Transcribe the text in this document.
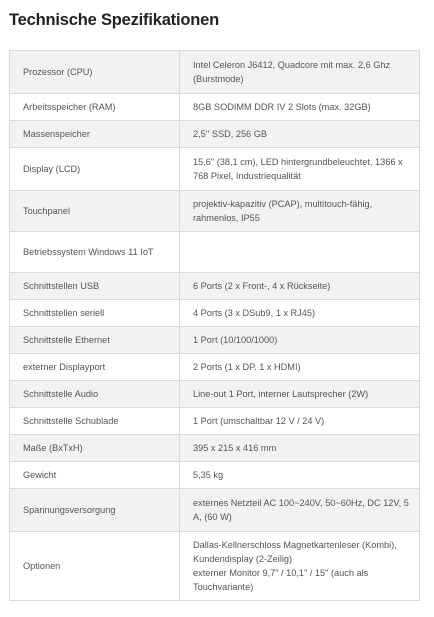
Technische Spezifikationen
Prozessor (CPU)	Intel Celeron J6412, Quadcore mit max. 2,6 Ghz (Burstmode)
Arbeitsspeicher (RAM)	8GB SODIMM DDR IV 2 Slots (max. 32GB)
Massenspeicher	2,5'' SSD, 256 GB
Display (LCD)	15.6" (38,1 cm), LED hintergrundbeleuchtet, 1366 x 768 Pixel, Industriequalität
Touchpanel	projektiv-kapazitiv (PCAP), multitouch-fähig, rahmenlos, IP55
Betriebssystem Windows 11 IoT	
Schnittstellen USB	6 Ports (2 x Front-, 4 x Rückseite)
Schnittstellen seriell	4 Ports (3 x DSub9, 1 x RJ45)
Schnittstelle Ethernet	1 Port (10/100/1000)
externer Displayport	2 Ports (1 x DP. 1 x HDMI)
Schnittstelle Audio	Line-out 1 Port, interner Lautsprecher (2W)
Schnittstelle Schublade	1 Port (umschaltbar 12 V / 24 V)
Maße (BxTxH)	395 x 215 x 416 mm
Gewicht	5,35 kg
Spannungsversorgung	externes Netzteil AC 100~240V, 50~60Hz, DC 12V, 5 A, (60 W)
Optionen	Dallas-Kellnerschloss Magnetkartenleser (Kombi), Kundendisplay (2-Zeilig)
externer Monitor 9,7" / 10,1" / 15" (auch als Touchvariante)
